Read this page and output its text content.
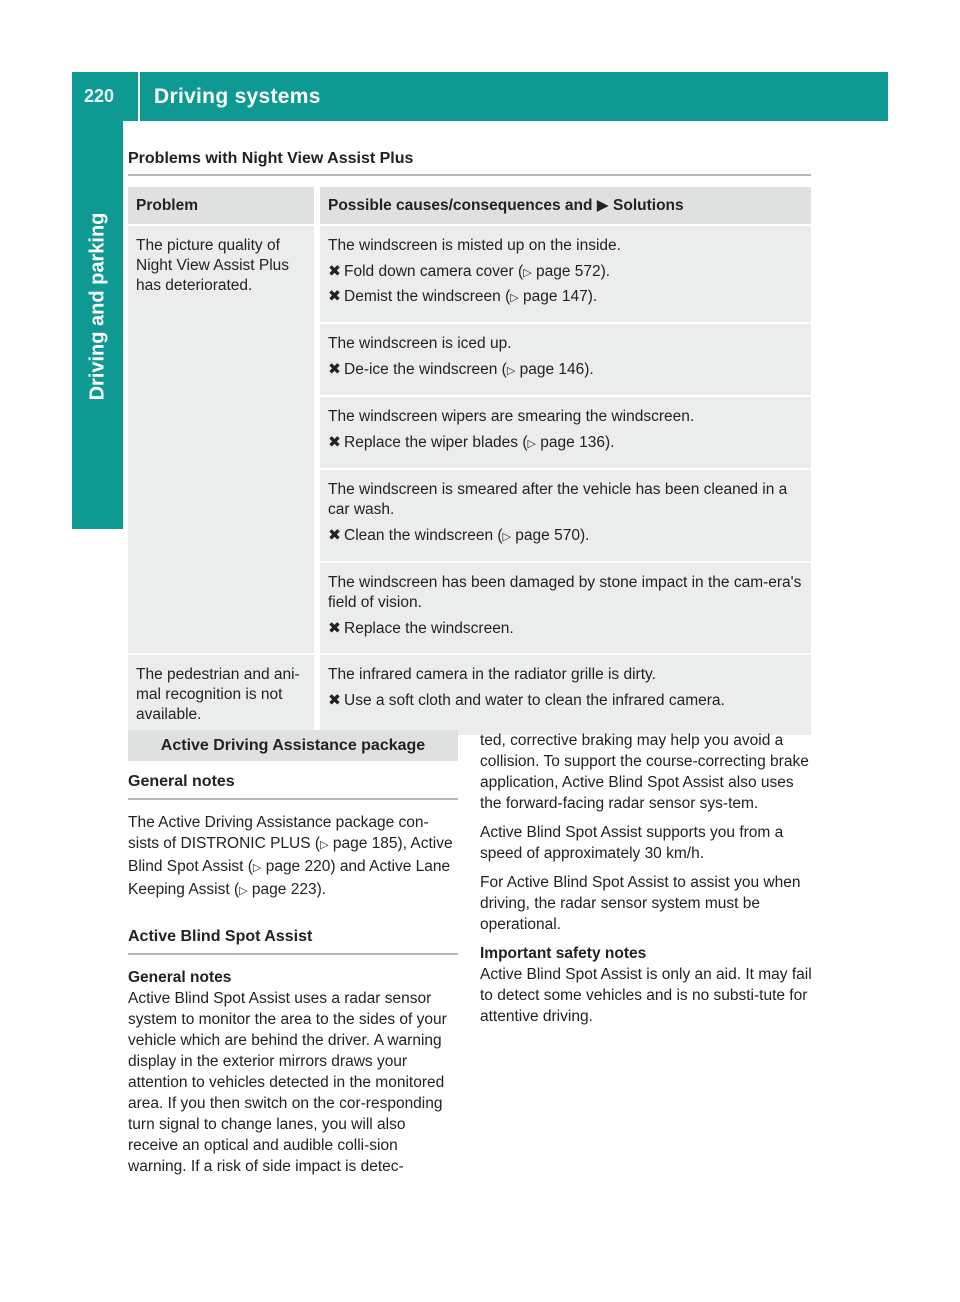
220	Driving systems
Driving and parking
Problems with Night View Assist Plus
Problem	Possible causes/consequences and ▶ Solutions
The picture quality of Night View Assist Plus has deteriorated.	The windscreen is misted up on the inside.

✖ Fold down camera cover (▷ page 572).
✖ Demist the windscreen (▷ page 147).

	The windscreen is iced up.

✖ De-ice the windscreen (▷ page 146).

	The windscreen wipers are smearing the windscreen.

✖ Replace the wiper blades (▷ page 136).

	The windscreen is smeared after the vehicle has been cleaned in a car wash.

✖ Clean the windscreen (▷ page 570).

	The windscreen has been damaged by stone impact in the cam-era's field of vision.

✖ Replace the windscreen.

The pedestrian and ani-mal recognition is not available.	The infrared camera in the radiator grille is dirty.

✖ Use a soft cloth and water to clean the infrared camera.
Active Driving Assistance package
General notes

The Active Driving Assistance package con-sists of DISTRONIC PLUS (▷ page 185), Active Blind Spot Assist (▷ page 220) and Active Lane Keeping Assist (▷ page 223).

Active Blind Spot Assist

General notes

Active Blind Spot Assist uses a radar sensor system to monitor the area to the sides of your vehicle which are behind the driver. A warning display in the exterior mirrors draws your attention to vehicles detected in the monitored area. If you then switch on the cor-responding turn signal to change lanes, you will also receive an optical and audible colli-sion warning. If a risk of side impact is detec-

ted, corrective braking may help you avoid a collision. To support the course-correcting brake application, Active Blind Spot Assist also uses the forward-facing radar sensor sys-tem.

Active Blind Spot Assist supports you from a speed of approximately 30 km/h.

For Active Blind Spot Assist to assist you when driving, the radar sensor system must be operational.

Important safety notes

Active Blind Spot Assist is only an aid. It may fail to detect some vehicles and is no substi-tute for attentive driving.
